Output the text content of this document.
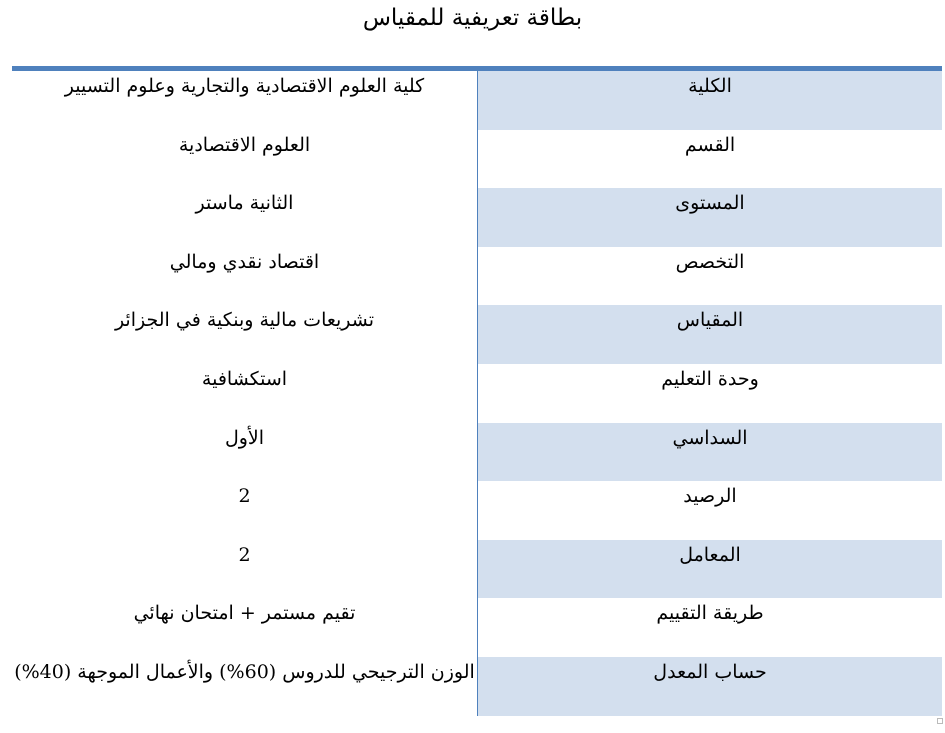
بطاقة تعريفية للمقياس
كلية العلوم الاقتصادية والتجارية وعلوم التسيير	الكلية
العلوم الاقتصادية	القسم
الثانية ماستر	المستوى
اقتصاد نقدي ومالي	التخصص
تشريعات مالية وبنكية في الجزائر	المقياس
استكشافية	وحدة التعليم
الأول	السداسي
2	الرصيد
2	المعامل
تقيم مستمر + امتحان نهائي	طريقة التقييم
الوزن الترجيحي للدروس (60%) والأعمال الموجهة (40%)	حساب المعدل
